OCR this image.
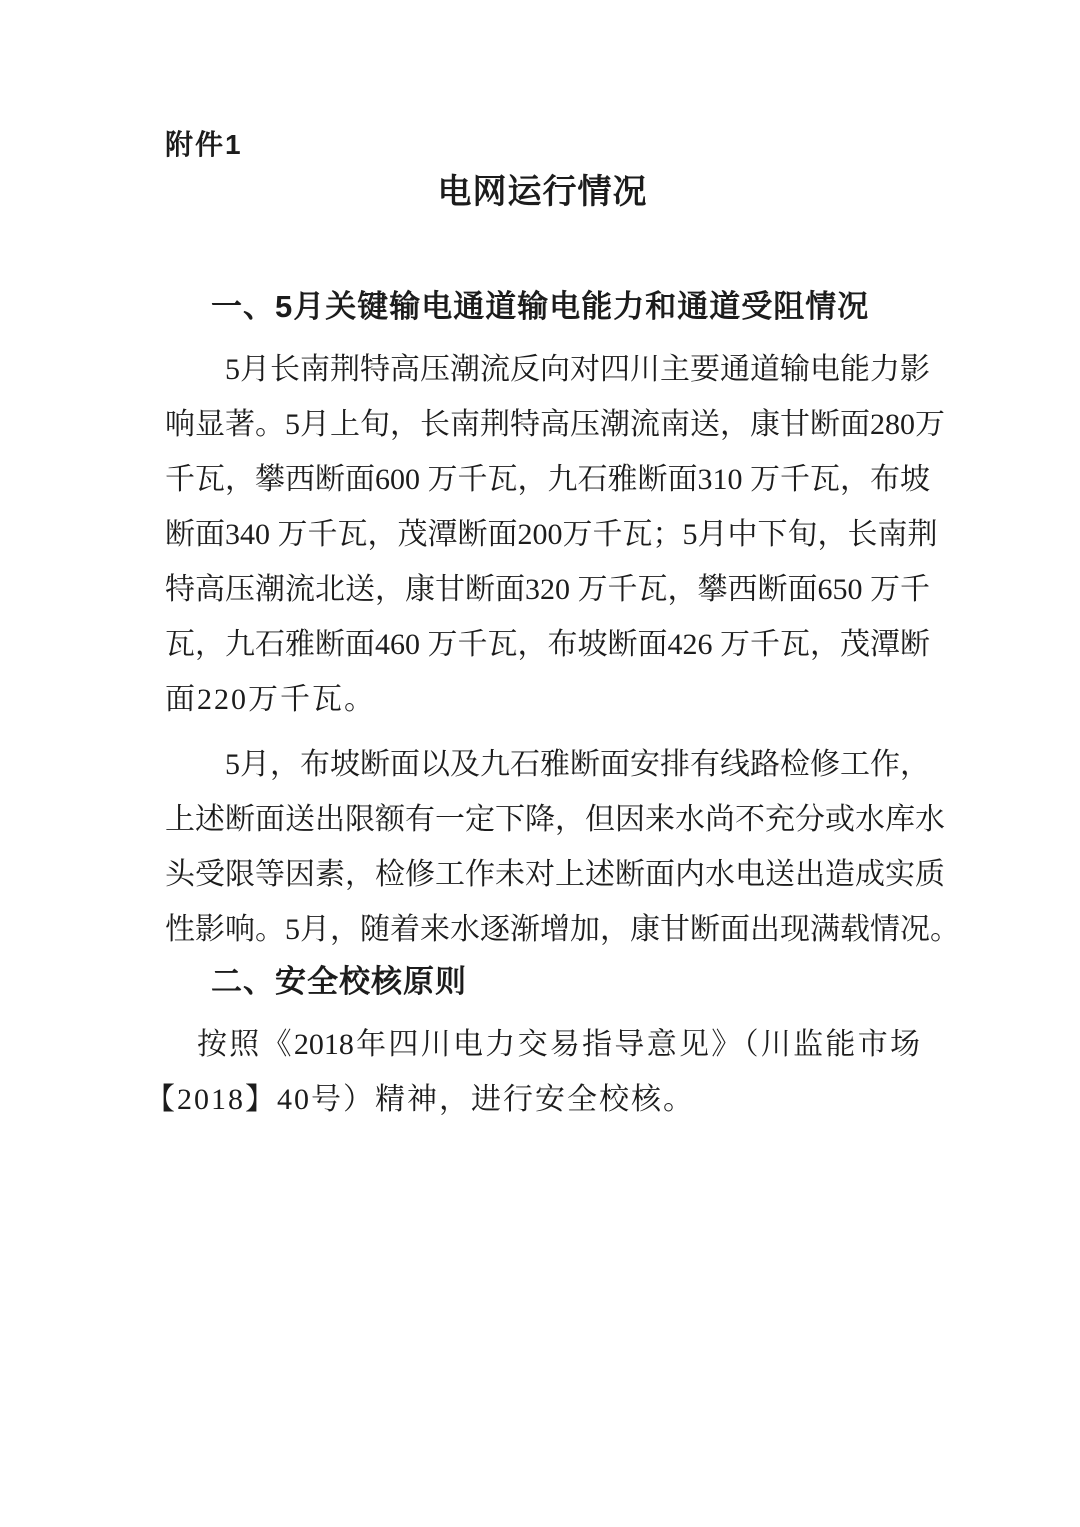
附件1
电网运行情况
一、5月关键输电通道输电能力和通道受阻情况
5月长南荆特高压潮流反向对四川主要通道输电能力影
响显著。5月上旬，长南荆特高压潮流南送，康甘断面280万
千瓦，攀西断面600 万千瓦，九石雅断面310 万千瓦，布坡
断面340 万千瓦，茂潭断面200万千瓦；5月中下旬，长南荆
特高压潮流北送，康甘断面320 万千瓦，攀西断面650 万千
瓦，九石雅断面460 万千瓦，布坡断面426 万千瓦，茂潭断
面220万千瓦。
5月，布坡断面以及九石雅断面安排有线路检修工作，
上述断面送出限额有一定下降，但因来水尚不充分或水库水
头受限等因素，检修工作未对上述断面内水电送出造成实质
性影响。5月，随着来水逐渐增加，康甘断面出现满载情况。
二、安全校核原则
按照《2018年四川电力交易指导意见》（川监能市场
【2018】40号）精神，进行安全校核。
